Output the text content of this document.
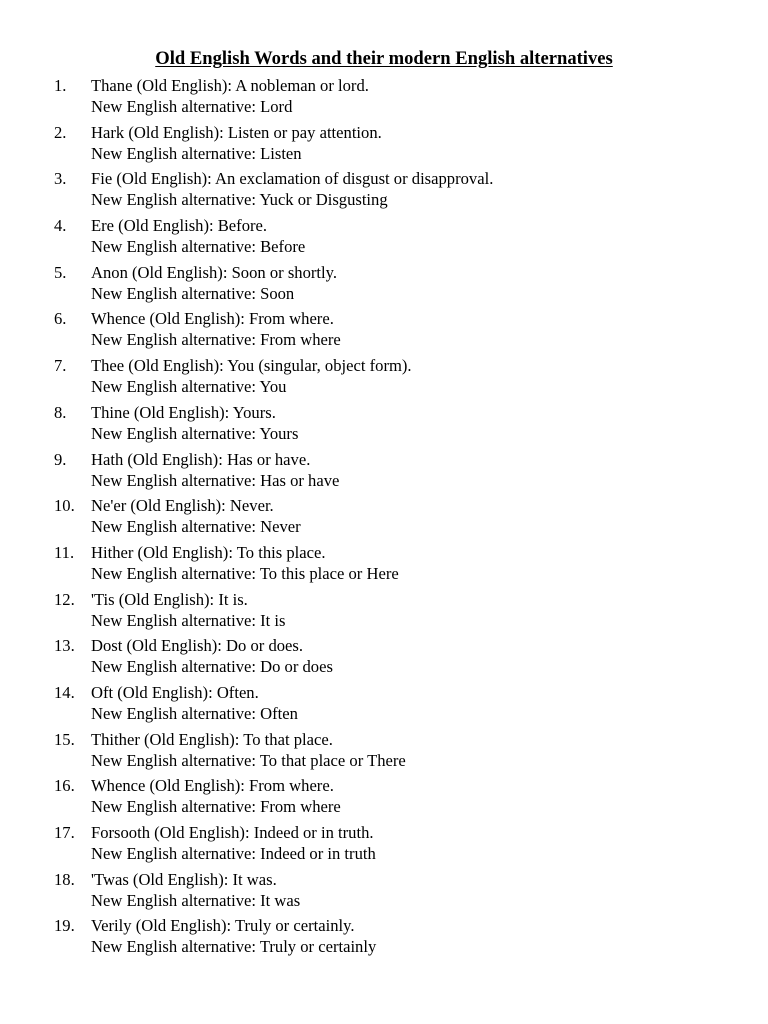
Old English Words and their modern English alternatives
1. Thane (Old English): A nobleman or lord.
New English alternative: Lord
2. Hark (Old English): Listen or pay attention.
New English alternative: Listen
3. Fie (Old English): An exclamation of disgust or disapproval.
New English alternative: Yuck or Disgusting
4. Ere (Old English): Before.
New English alternative: Before
5. Anon (Old English): Soon or shortly.
New English alternative: Soon
6. Whence (Old English): From where.
New English alternative: From where
7. Thee (Old English): You (singular, object form).
New English alternative: You
8. Thine (Old English): Yours.
New English alternative: Yours
9. Hath (Old English): Has or have.
New English alternative: Has or have
10. Ne'er (Old English): Never.
New English alternative: Never
11. Hither (Old English): To this place.
New English alternative: To this place or Here
12. 'Tis (Old English): It is.
New English alternative: It is
13. Dost (Old English): Do or does.
New English alternative: Do or does
14. Oft (Old English): Often.
New English alternative: Often
15. Thither (Old English): To that place.
New English alternative: To that place or There
16. Whence (Old English): From where.
New English alternative: From where
17. Forsooth (Old English): Indeed or in truth.
New English alternative: Indeed or in truth
18. 'Twas (Old English): It was.
New English alternative: It was
19. Verily (Old English): Truly or certainly.
New English alternative: Truly or certainly
